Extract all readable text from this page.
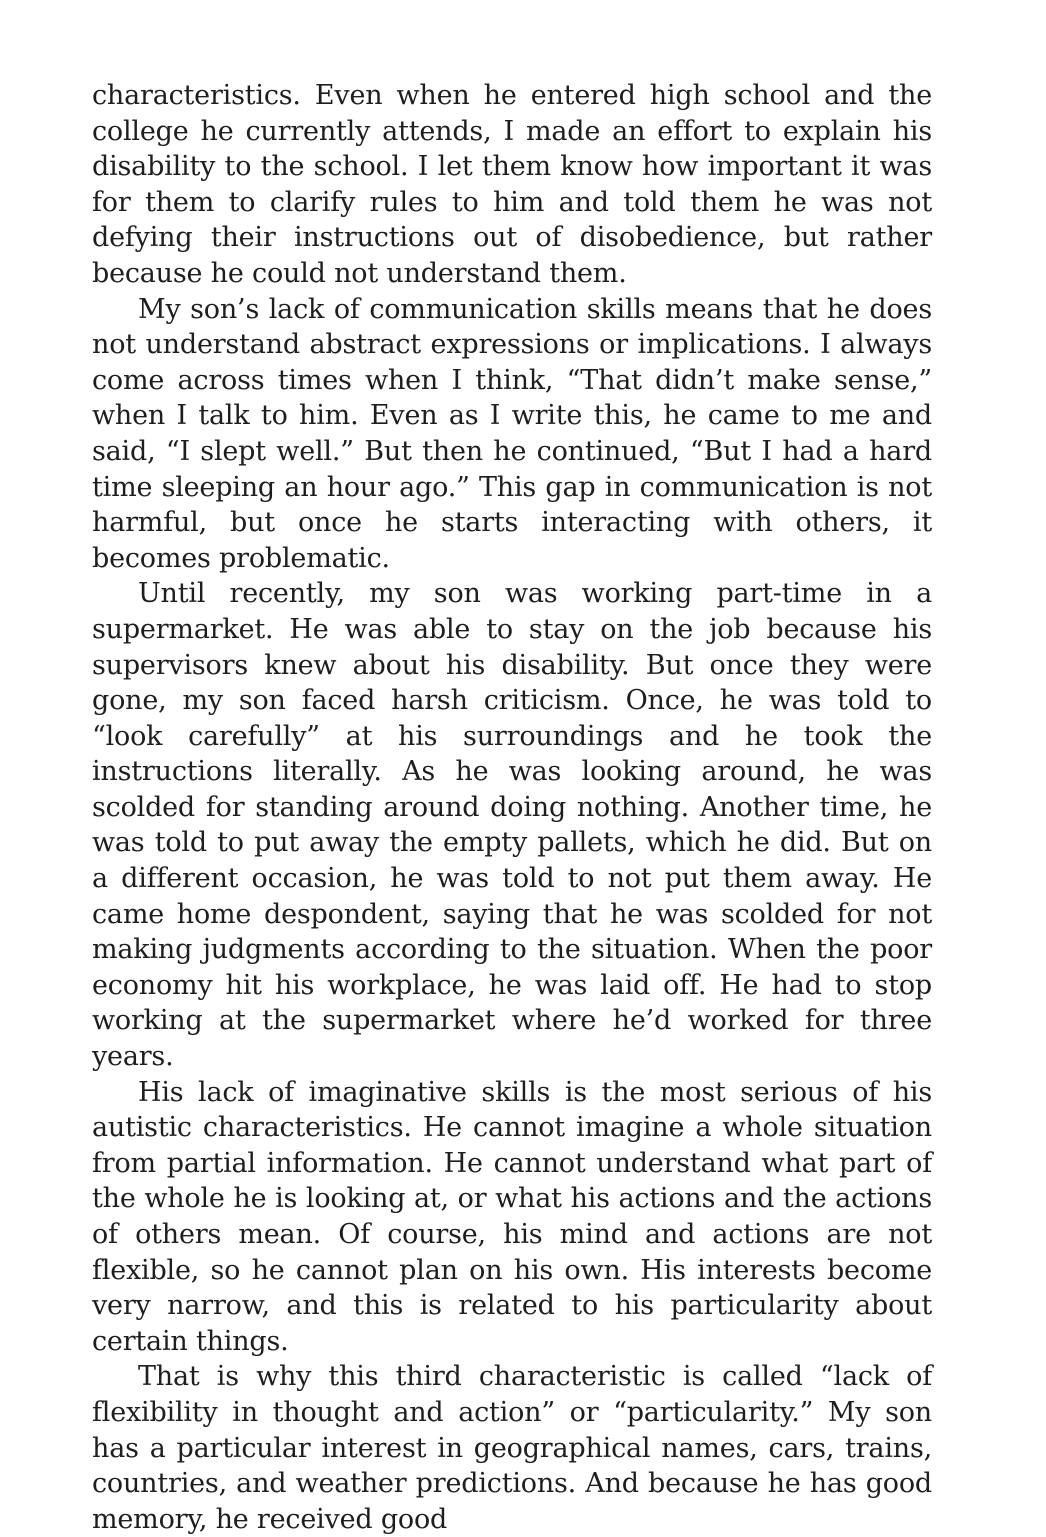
characteristics. Even when he entered high school and the college he currently attends, I made an effort to explain his disability to the school. I let them know how important it was for them to clarify rules to him and told them he was not defying their instructions out of disobedience, but rather because he could not understand them.

My son’s lack of communication skills means that he does not understand abstract expressions or implications. I always come across times when I think, “That didn’t make sense,” when I talk to him. Even as I write this, he came to me and said, “I slept well.” But then he continued, “But I had a hard time sleeping an hour ago.” This gap in communication is not harmful, but once he starts interacting with others, it becomes problematic.

Until recently, my son was working part-time in a supermarket. He was able to stay on the job because his supervisors knew about his disability. But once they were gone, my son faced harsh criticism. Once, he was told to “look carefully” at his surroundings and he took the instructions literally. As he was looking around, he was scolded for standing around doing nothing. Another time, he was told to put away the empty pallets, which he did. But on a different occasion, he was told to not put them away. He came home despondent, saying that he was scolded for not making judgments according to the situation. When the poor economy hit his workplace, he was laid off. He had to stop working at the supermarket where he’d worked for three years.

His lack of imaginative skills is the most serious of his autistic characteristics. He cannot imagine a whole situation from partial information. He cannot understand what part of the whole he is looking at, or what his actions and the actions of others mean. Of course, his mind and actions are not flexible, so he cannot plan on his own. His interests become very narrow, and this is related to his particularity about certain things.

That is why this third characteristic is called “lack of flexibility in thought and action” or “particularity.” My son has a particular interest in geographical names, cars, trains, countries, and weather predictions. And because he has good memory, he received good
